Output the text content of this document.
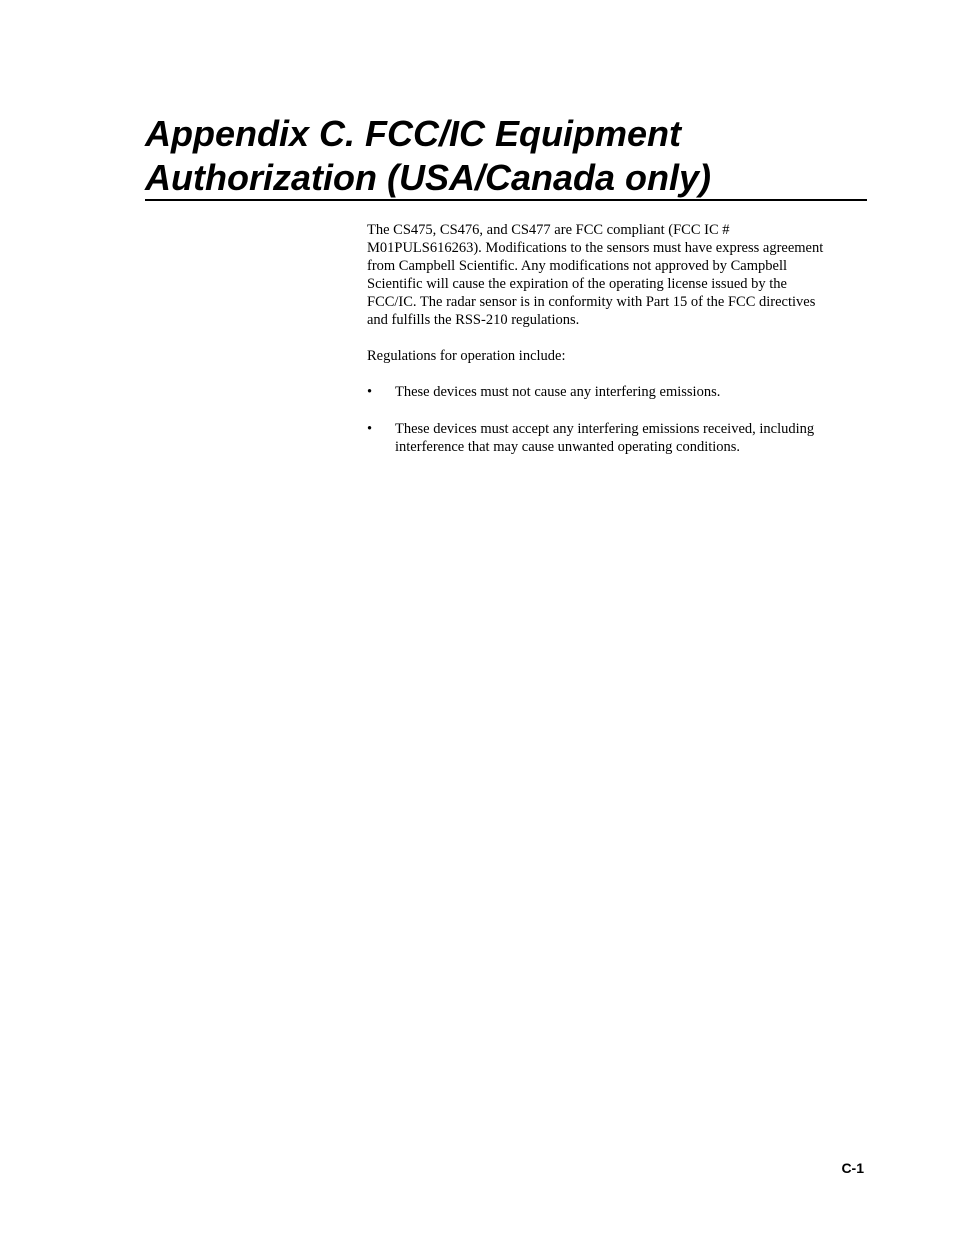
Appendix C. FCC/IC Equipment
Authorization (USA/Canada only)

The CS475, CS476, and CS477 are FCC compliant (FCC IC #
M01PULS616263). Modifications to the sensors must have express agreement
from Campbell Scientific. Any modifications not approved by Campbell
Scientific will cause the expiration of the operating license issued by the
FCC/IC. The radar sensor is in conformity with Part 15 of the FCC directives
and fulfills the RSS-210 regulations.

Regulations for operation include:

• These devices must not cause any interfering emissions.
• These devices must accept any interfering emissions received, including
interference that may cause unwanted operating conditions.
C-1
